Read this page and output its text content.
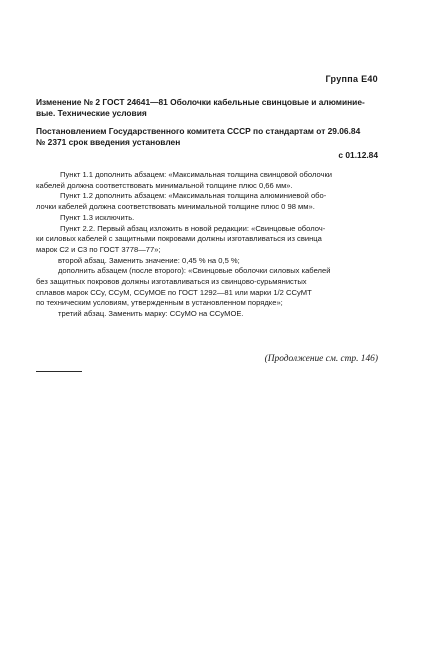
Группа Е40

Изменение № 2 ГОСТ 24641—81 Оболочки кабельные свинцовые и алюминие-

вые. Технические условия

Постановлением Государственного комитета СССР по стандартам от 29.06.84

№ 2371 срок введения установлен

с 01.12.84
Пункт 1.1 дополнить абзацем: «Максимальная толщина свинцовой оболочки
кабелей должна соответствовать минимальной толщине плюс 0,66 мм».
Пункт 1.2 дополнить абзацем: «Максимальная толщина алюминиевой обо-
лочки кабелей должна соответствовать минимальной толщине плюс 0 98 мм».
Пункт 1.3 исключить.
Пункт 2.2. Первый абзац изложить в новой редакции: «Свинцовые оболоч-
ки силовых кабелей с защитными покровами должны изготавливаться из свинца
марок С2 и С3 по ГОСТ 3778—77»;
второй абзац. Заменить значение: 0,45 % на 0,5 %;
дополнить абзацем (после второго): «Свинцовые оболочки силовых кабелей
без защитных покровов должны изготавливаться из свинцово-сурьмянистых
сплавов марок ССу, ССуМ, ССуМОЕ по ГОСТ 1292—81 или марки 1/2 ССуМТ
по техническим условиям, утвержденным в установленном порядке»;
третий абзац. Заменить марку: ССуМО на ССуМОЕ.
(Продолжение см. стр. 146)
